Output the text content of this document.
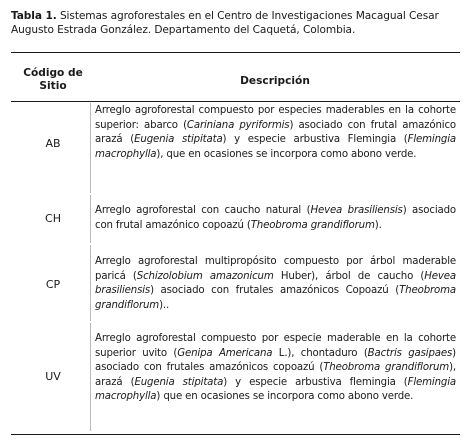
Tabla 1. Sistemas agroforestales en el Centro de Investigaciones Macagual Cesar Augusto Estrada González. Departamento del Caquetá, Colombia.
Código de Sitio	Descripción
AB
Arreglo agroforestal compuesto por especies maderables en la cohorte superior: abarco (Cariniana pyriformis) asociado con frutal amazónico arazá (Eugenia stipitata) y especie arbustiva Flemingia (Flemingia macrophylla), que en ocasiones se incorpora como abono verde.
CH
Arreglo agroforestal con caucho natural (Hevea brasiliensis) asociado con frutal amazónico copoazú (Theobroma grandiflorum).
CP
Arreglo agroforestal multipropósito compuesto por árbol maderable paricá (Schizolobium amazonicum Huber), árbol de caucho (Hevea brasiliensis) asociado con frutales amazónicos Copoazú (Theobroma grandiflorum)..
UV
Arreglo agroforestal compuesto por especie maderable en la cohorte superior uvito (Genipa Americana L.), chontaduro (Bactris gasipaes) asociado con frutales amazónicos copoazú (Theobroma grandiflorum), arazá (Eugenia stipitata) y especie arbustiva flemingia (Flemingia macrophylla) que en ocasiones se incorpora como abono verde.
